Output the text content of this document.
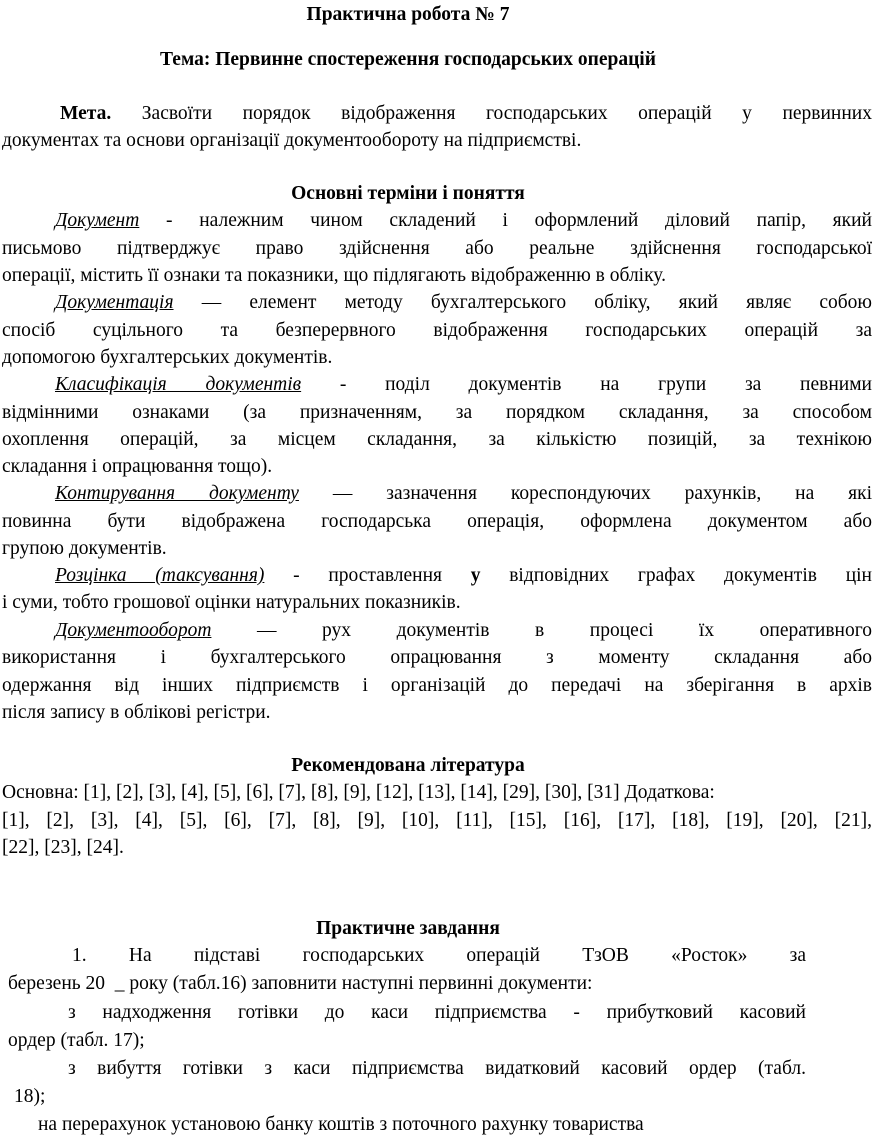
Практична робота № 7
Тема: Первинне спостереження господарських операцій
Мета. Засвоїти порядок відображення господарських операцій у первинних
документах та основи організації документообороту на підприємстві.
Основні терміни і поняття
Документ - належним чином складений і оформлений діловий папір, який
письмово підтверджує право здійснення або реальне здійснення господарської
операції, містить її ознаки та показники, що підлягають відображенню в обліку.
Документація — елемент методу бухгалтерського обліку, який являє собою
спосіб суцільного та безперервного відображення господарських операцій за
допомогою бухгалтерських документів.
Класифікація документів - поділ документів на групи за певними
відмінними ознаками (за призначенням, за порядком складання, за способом
охоплення операцій, за місцем складання, за кількістю позицій, за технікою
складання і опрацювання тощо).
Контирування документу — зазначення кореспондуючих рахунків, на які
повинна бути відображена господарська операція, оформлена документом або
групою документів.
Розцінка (таксування) - проставлення у відповідних графах документів цін
і суми, тобто грошової оцінки натуральних показників.
Документооборот — рух документів в процесі їх оперативного
використання і бухгалтерського опрацювання з моменту складання або
одержання від інших підприємств і організацій до передачі на зберігання в архів
після запису в облікові регістри.
Рекомендована література
Основна: [1], [2], [3], [4], [5], [6], [7], [8], [9], [12], [13], [14], [29], [30], [31] Додаткова:
[1], [2], [3], [4], [5], [6], [7], [8], [9], [10], [11], [15], [16], [17], [18], [19], [20], [21],
[22], [23], [24].
Практичне завдання
1. На підставі господарських операцій ТзОВ «Росток» за
березень 20  _ року (табл.16) заповнити наступні первинні документи:
з надходження готівки до каси підприємства - прибутковий касовий
ордер (табл. 17);
з вибуття готівки з каси підприємства видатковий касовий ордер (табл.
18);
на перерахунок установою банку коштів з поточного рахунку товариства
